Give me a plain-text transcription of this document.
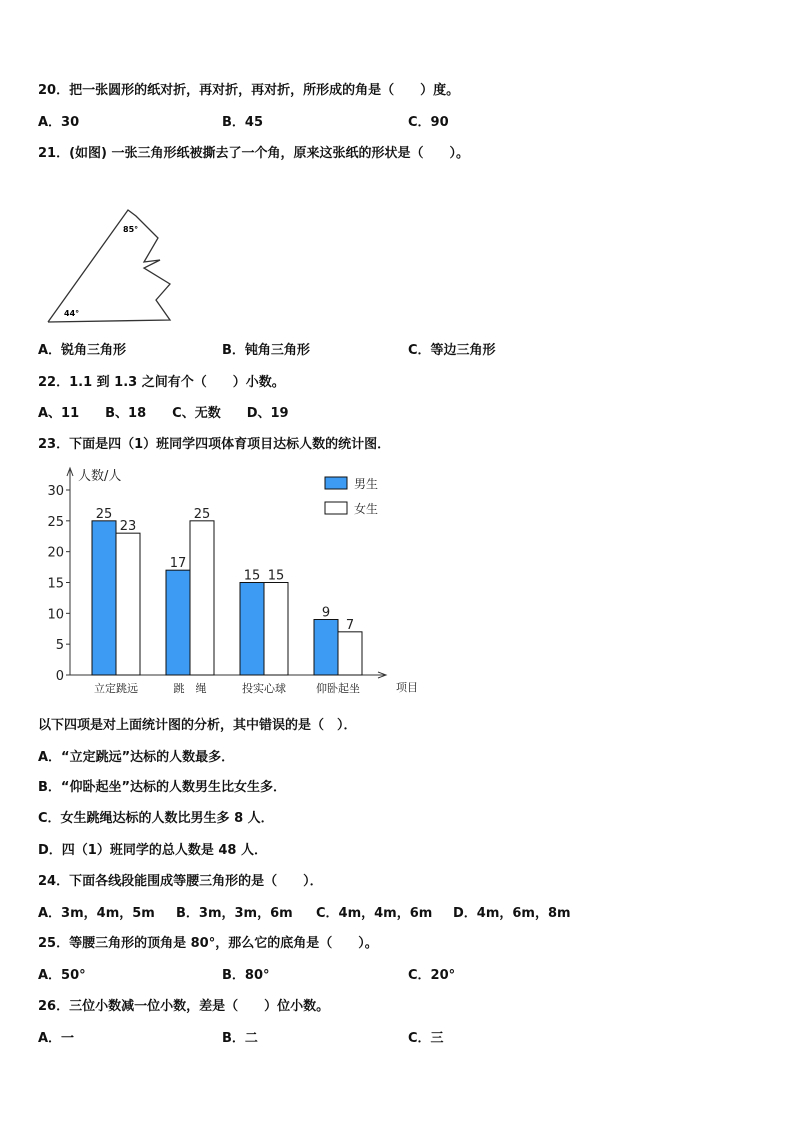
20．把一张圆形的纸对折，再对折，再对折，所形成的角是（　　）度。
A．30	B．45	C．90
21．(如图) 一张三角形纸被撕去了一个角，原来这张纸的形状是（　　）。
85°
44°
A．锐角三角形	B．钝角三角形	C．等边三角形
22．1.1 到 1.3 之间有个（　　）小数。
A、11　　B、18　　C、无数　　D、19
23．下面是四（1）班同学四项体育项目达标人数的统计图．
0
5
10
15
20
25
30
人数/人
项目
25
23
立定跳远
17
25
跳　绳
15 15
投实心球
9
7
仰卧起坐
男生
女生
以下四项是对上面统计图的分析，其中错误的是（　）．
A．“立定跳远”达标的人数最多．
B．“仰卧起坐”达标的人数男生比女生多．
C．女生跳绳达标的人数比男生多 8 人．
D．四（1）班同学的总人数是 48 人．
24．下面各线段能围成等腰三角形的是（　　）．
A．3m，4m，5m B．3m，3m，6m C．4m，4m，6m D．4m，6m，8m
25．等腰三角形的顶角是 80°，那么它的底角是（　　）。
A．50°	B．80°	C．20°
26．三位小数减一位小数，差是（　　）位小数。
A．一	B．二	C．三
